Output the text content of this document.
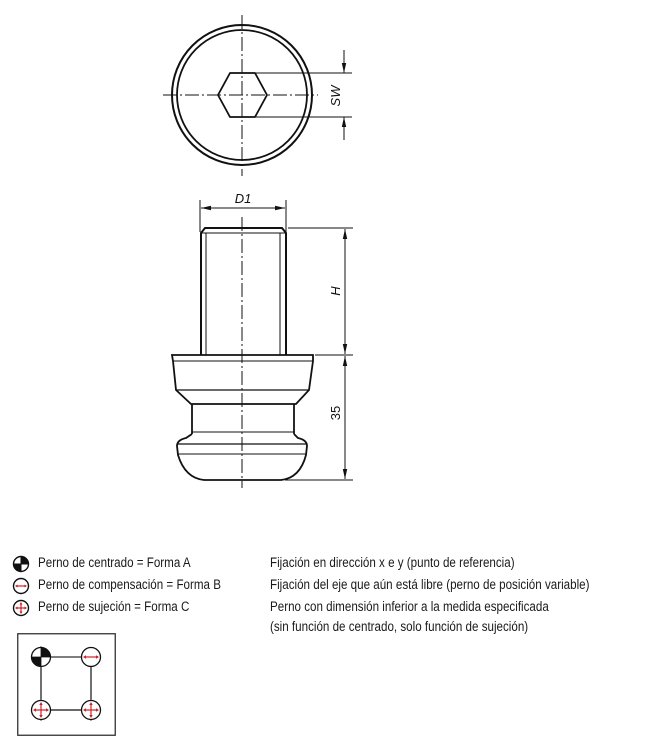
SW
D1
H
35
Perno de centrado = Forma A	Fijación en dirección x e y (punto de referencia)
Perno de compensación = Forma B	Fijación del eje que aún está libre (perno de posición variable)
Perno de sujeción = Forma C	Perno con dimensión inferior a la medida especificada
(sin función de centrado, solo función de sujeción)
